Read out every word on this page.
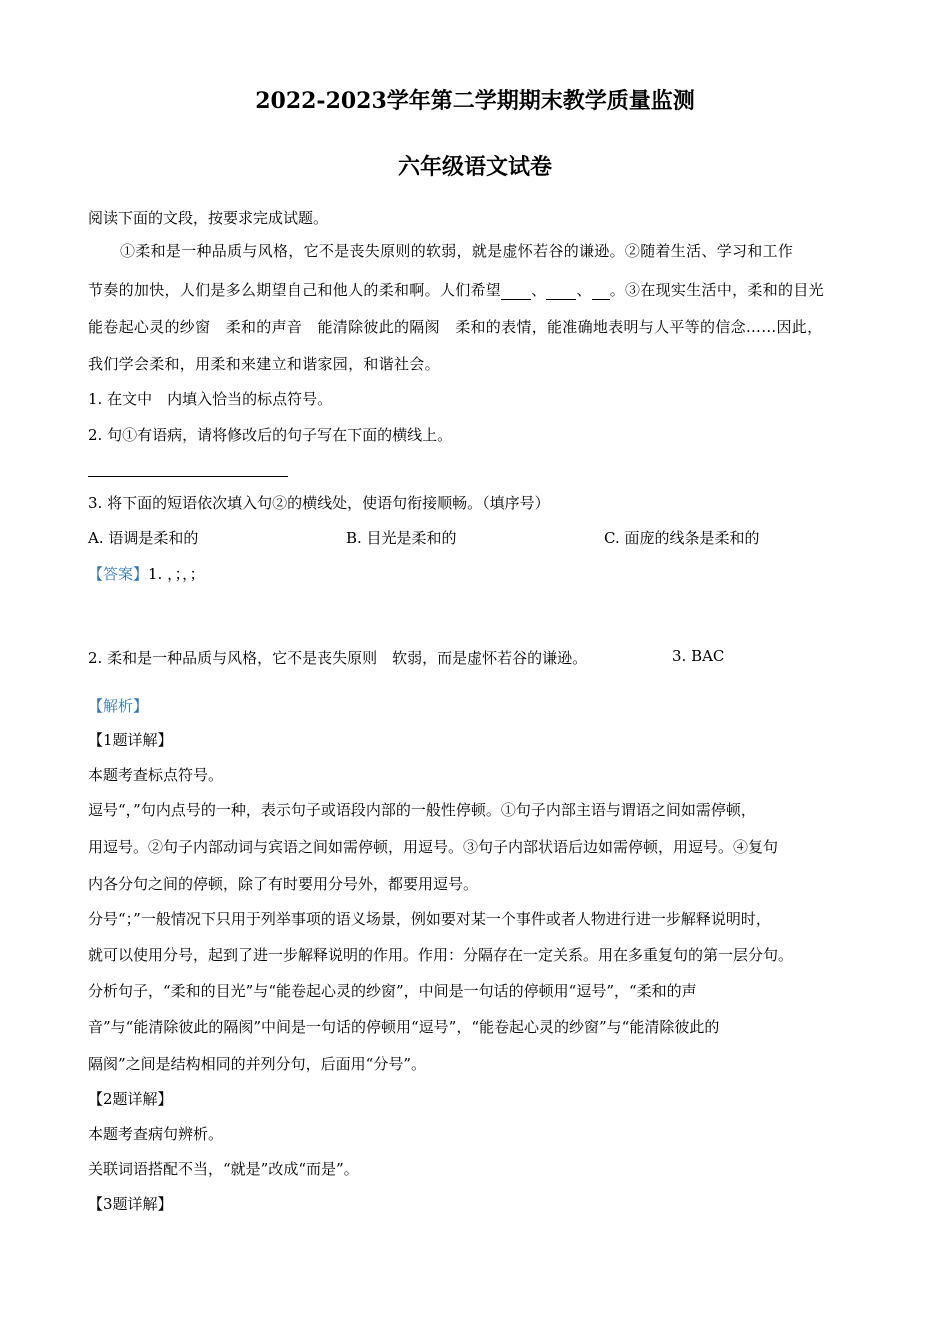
2022-2023学年第二学期期末教学质量监测
六年级语文试卷
阅读下面的文段，按要求完成试题。
①柔和是一种品质与风格，它不是丧失原则的软弱，就是虚怀若谷的谦逊。②随着生活、学习和工作
节奏的加快，人们是多么期望自己和他人的柔和啊。人们希望 、 、 。③在现实生活中，柔和的目光
能卷起心灵的纱窗　柔和的声音　能清除彼此的隔阂　柔和的表情，能准确地表明与人平等的信念……因此，
我们学会柔和，用柔和来建立和谐家园，和谐社会。
1. 在文中　内填入恰当的标点符号。
2. 句①有语病，请将修改后的句子写在下面的横线上。
3. 将下面的短语依次填入句②的横线处，使语句衔接顺畅。（填序号）
A. 语调是柔和的	B. 目光是柔和的	C. 面庞的线条是柔和的
【答案】1. ，；，；
2. 柔和是一种品质与风格，它不是丧失原则　软弱，而是虚怀若谷的谦逊。	3. BAC
【解析】
【1题详解】
本题考查标点符号。
逗号“，”句内点号的一种，表示句子或语段内部的一般性停顿。①句子内部主语与谓语之间如需停顿，
用逗号。②句子内部动词与宾语之间如需停顿，用逗号。③句子内部状语后边如需停顿，用逗号。④复句
内各分句之间的停顿，除了有时要用分号外，都要用逗号。
分号“；”一般情况下只用于列举事项的语义场景，例如要对某一个事件或者人物进行进一步解释说明时，
就可以使用分号，起到了进一步解释说明的作用。作用：分隔存在一定关系。用在多重复句的第一层分句。
分析句子，“柔和的目光”与“能卷起心灵的纱窗”，中间是一句话的停顿用“逗号”，“柔和的声
音”与“能清除彼此的隔阂”中间是一句话的停顿用“逗号”，“能卷起心灵的纱窗”与“能清除彼此的
隔阂”之间是结构相同的并列分句，后面用“分号”。
【2题详解】
本题考查病句辨析。
关联词语搭配不当，“就是”改成“而是”。
【3题详解】
